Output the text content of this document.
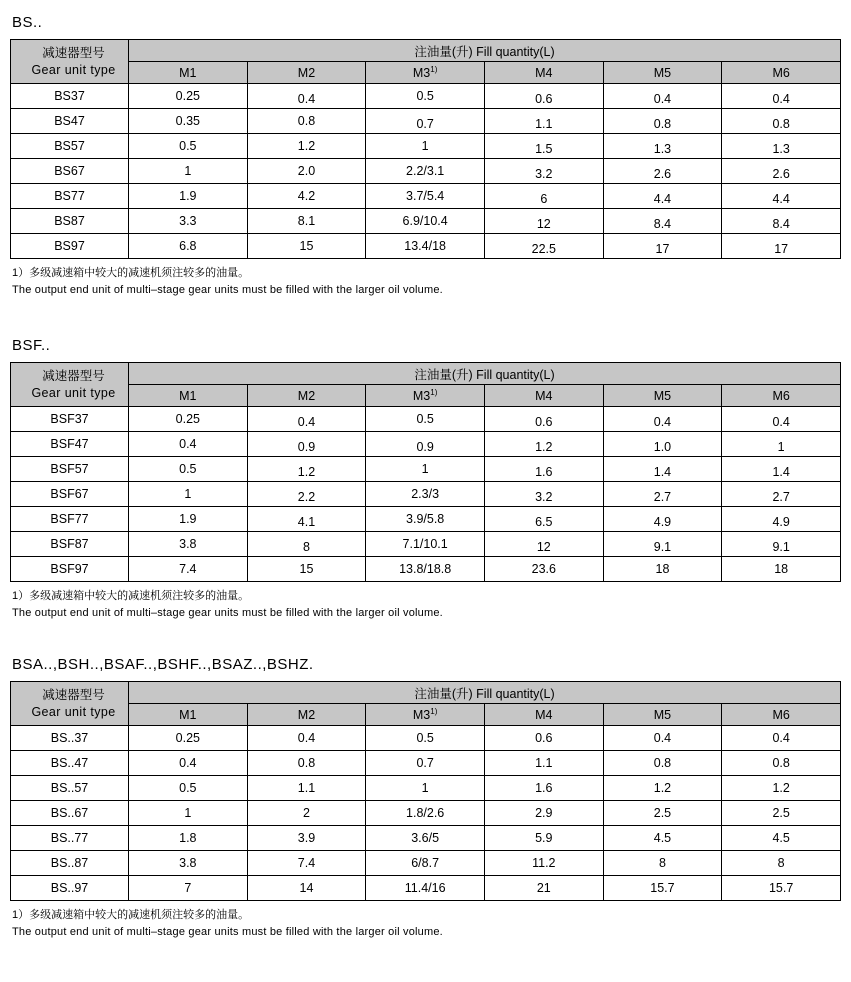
BS..
减速器型号
Gear unit type	注油量(升) Fill quantity(L)					
	M1	M2	M3$^{1)}$	M4	M5	M6
BS37	0.25	0.4	0.5	0.6	0.4	0.4
BS47	0.35	0.8	0.7	1.1	0.8	0.8
BS57	0.5	1.2	1	1.5	1.3	1.3
BS67	1	2.0	2.2/3.1	3.2	2.6	2.6
BS77	1.9	4.2	3.7/5.4	6	4.4	4.4
BS87	3.3	8.1	6.9/10.4	12	8.4	8.4
BS97	6.8	15	13.4/18	22.5	17	17
1）多级减速箱中较大的减速机须注较多的油量。
The output end unit of multi–stage gear units must be filled with the larger oil volume.
BSF..
减速器型号
Gear unit type	注油量(升) Fill quantity(L)					
	M1	M2	M3$^{1)}$	M4	M5	M6
BSF37	0.25	0.4	0.5	0.6	0.4	0.4
BSF47	0.4	0.9	0.9	1.2	1.0	1
BSF57	0.5	1.2	1	1.6	1.4	1.4
BSF67	1	2.2	2.3/3	3.2	2.7	2.7
BSF77	1.9	4.1	3.9/5.8	6.5	4.9	4.9
BSF87	3.8	8	7.1/10.1	12	9.1	9.1
BSF97	7.4	15	13.8/18.8	23.6	18	18
1）多级减速箱中较大的减速机须注较多的油量。
The output end unit of multi–stage gear units must be filled with the larger oil volume.
BSA..,BSH..,BSAF..,BSHF..,BSAZ..,BSHZ.
减速器型号
Gear unit type	注油量(升) Fill quantity(L)					
	M1	M2	M3$^{1)}$	M4	M5	M6
BS..37	0.25	0.4	0.5	0.6	0.4	0.4
BS..47	0.4	0.8	0.7	1.1	0.8	0.8
BS..57	0.5	1.1	1	1.6	1.2	1.2
BS..67	1	2	1.8/2.6	2.9	2.5	2.5
BS..77	1.8	3.9	3.6/5	5.9	4.5	4.5
BS..87	3.8	7.4	6/8.7	11.2	8	8
BS..97	7	14	11.4/16	21	15.7	15.7
1）多级减速箱中较大的减速机须注较多的油量。
The output end unit of multi–stage gear units must be filled with the larger oil volume.
